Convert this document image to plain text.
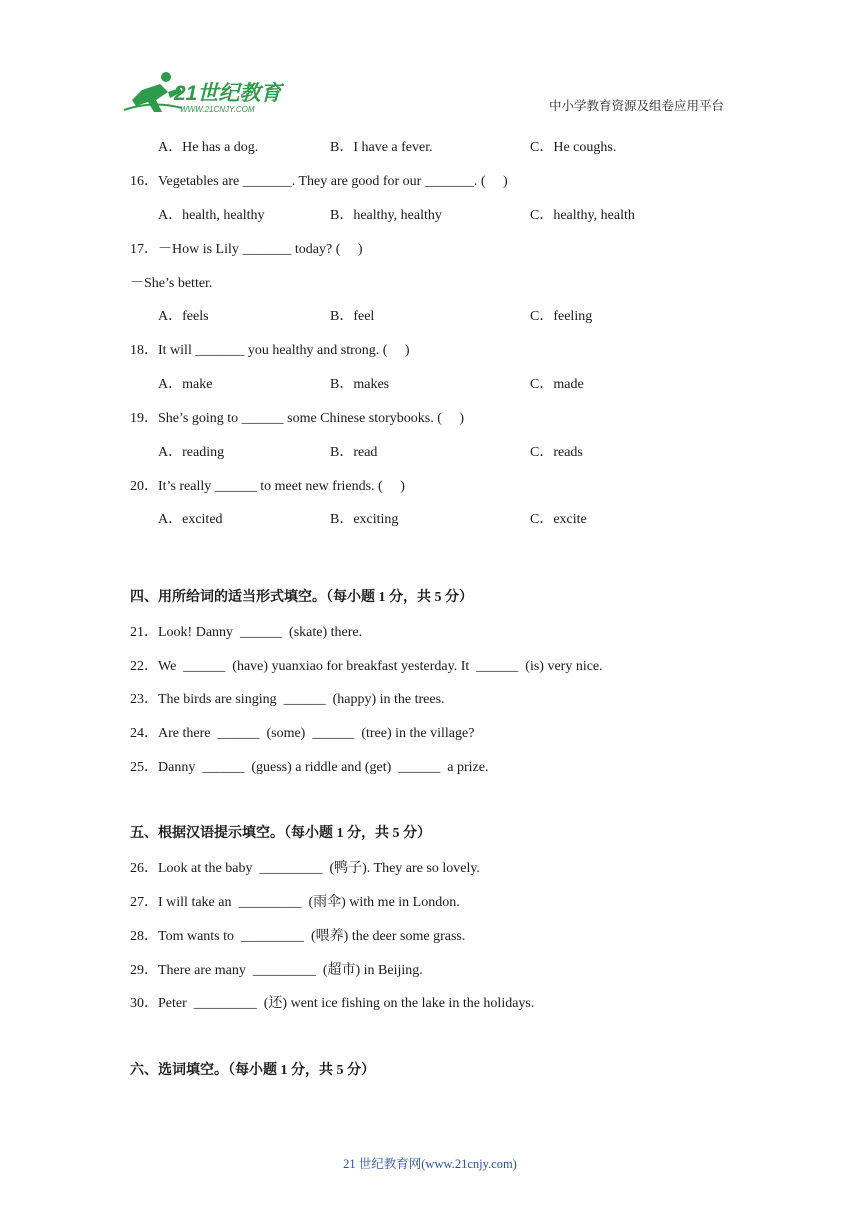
21世纪教育
WWW.21CNJY.COM	中小学教育资源及组卷应用平台
A．He has a dog.	B．I have a fever.	C．He coughs.
16．Vegetables are _______. They are good for our _______. (     )
A．health, healthy	B．healthy, healthy	C．healthy, health
17．－How is Lily _______ today? (     )
－She’s better.
A．feels	B．feel	C．feeling
18．It will _______ you healthy and strong. (     )
A．make	B．makes	C．made
19．She’s going to ______ some Chinese storybooks. (     )
A．reading	B．read	C．reads
20．It’s really ______ to meet new friends. (     )
A．excited	B．exciting	C．excite
四、用所给词的适当形式填空。（每小题 1 分，共 5 分）
21．Look! Danny  ______  (skate) there.
22．We  ______  (have) yuanxiao for breakfast yesterday. It  ______  (is) very nice.
23．The birds are singing  ______  (happy) in the trees.
24．Are there  ______  (some)  ______  (tree) in the village?
25．Danny  ______  (guess) a riddle and (get)  ______  a prize.
五、根据汉语提示填空。（每小题 1 分，共 5 分）
26．Look at the baby  _________  (鸭子). They are so lovely.
27．I will take an  _________  (雨伞) with me in London.
28．Tom wants to  _________  (喂养) the deer some grass.
29．There are many  _________  (超市) in Beijing.
30．Peter  _________  (还) went ice fishing on the lake in the holidays.
六、选词填空。（每小题 1 分，共 5 分）
21 世纪教育网(www.21cnjy.com)
